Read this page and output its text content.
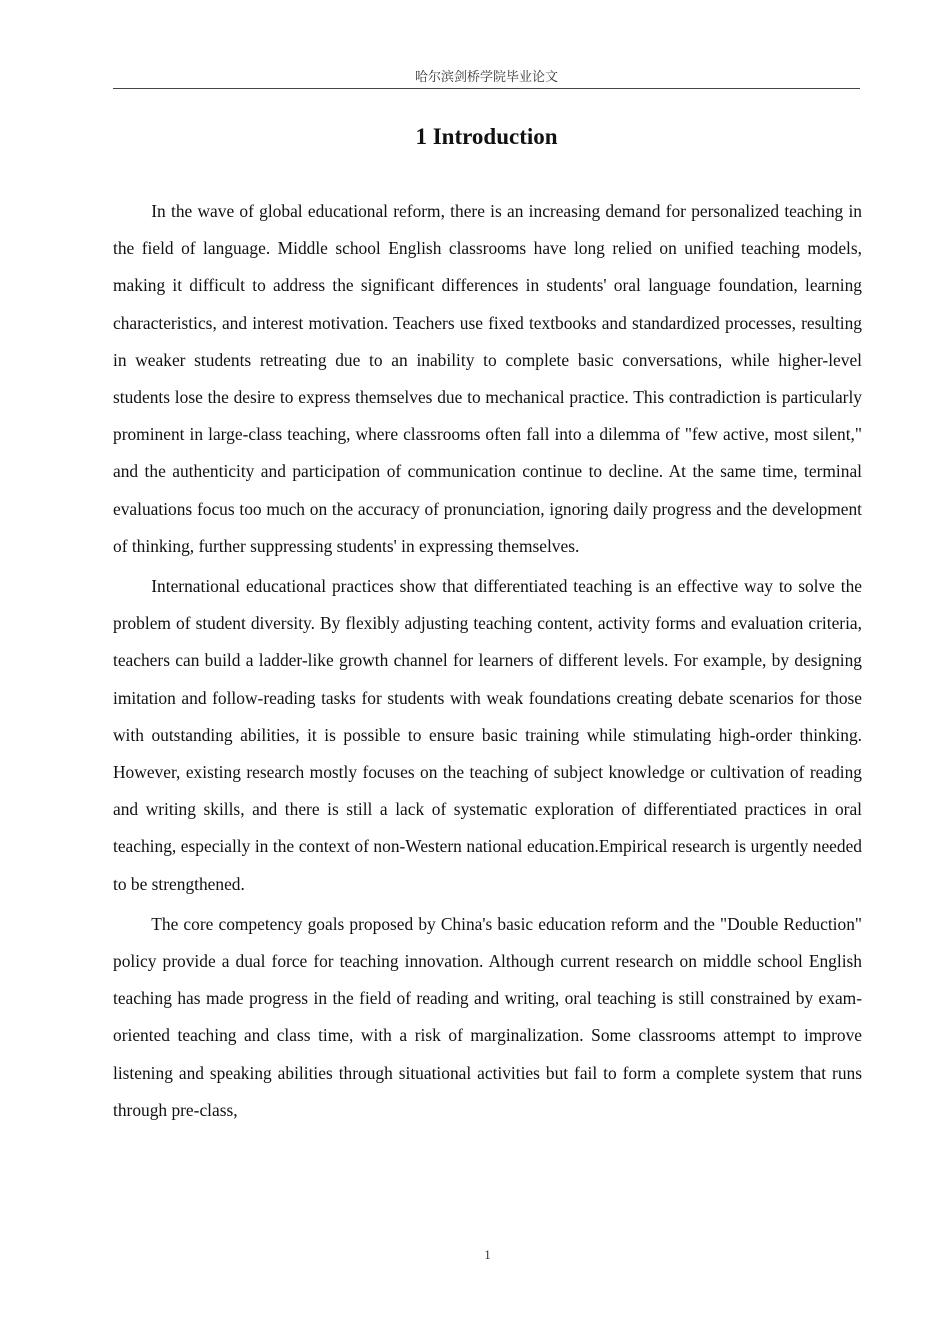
哈尔滨剑桥学院毕业论文
1 Introduction

In the wave of global educational reform, there is an increasing demand for personalized teaching in the field of language. Middle school English classrooms have long relied on unified teaching models, making it difficult to address the significant differences in students' oral language foundation, learning characteristics, and interest motivation. Teachers use fixed textbooks and standardized processes, resulting in weaker students retreating due to an inability to complete basic conversations, while higher-level students lose the desire to express themselves due to mechanical practice. This contradiction is particularly prominent in large-class teaching, where classrooms often fall into a dilemma of "few active, most silent," and the authenticity and participation of communication continue to decline. At the same time, terminal evaluations focus too much on the accuracy of pronunciation, ignoring daily progress and the development of thinking, further suppressing students' in expressing themselves.

International educational practices show that differentiated teaching is an effective way to solve the problem of student diversity. By flexibly adjusting teaching content, activity forms and evaluation criteria, teachers can build a ladder-like growth channel for learners of different levels. For example, by designing imitation and follow-reading tasks for students with weak foundations creating debate scenarios for those with outstanding abilities, it is possible to ensure basic training while stimulating high-order thinking. However, existing research mostly focuses on the teaching of subject knowledge or cultivation of reading and writing skills, and there is still a lack of systematic exploration of differentiated practices in oral teaching, especially in the context of non-Western national education.Empirical research is urgently needed to be strengthened.

The core competency goals proposed by China's basic education reform and the "Double Reduction" policy provide a dual force for teaching innovation. Although current research on middle school English teaching has made progress in the field of reading and writing, oral teaching is still constrained by exam-oriented teaching and class time, with a risk of marginalization. Some classrooms attempt to improve listening and speaking abilities through situational activities but fail to form a complete system that runs through pre-class,

1
